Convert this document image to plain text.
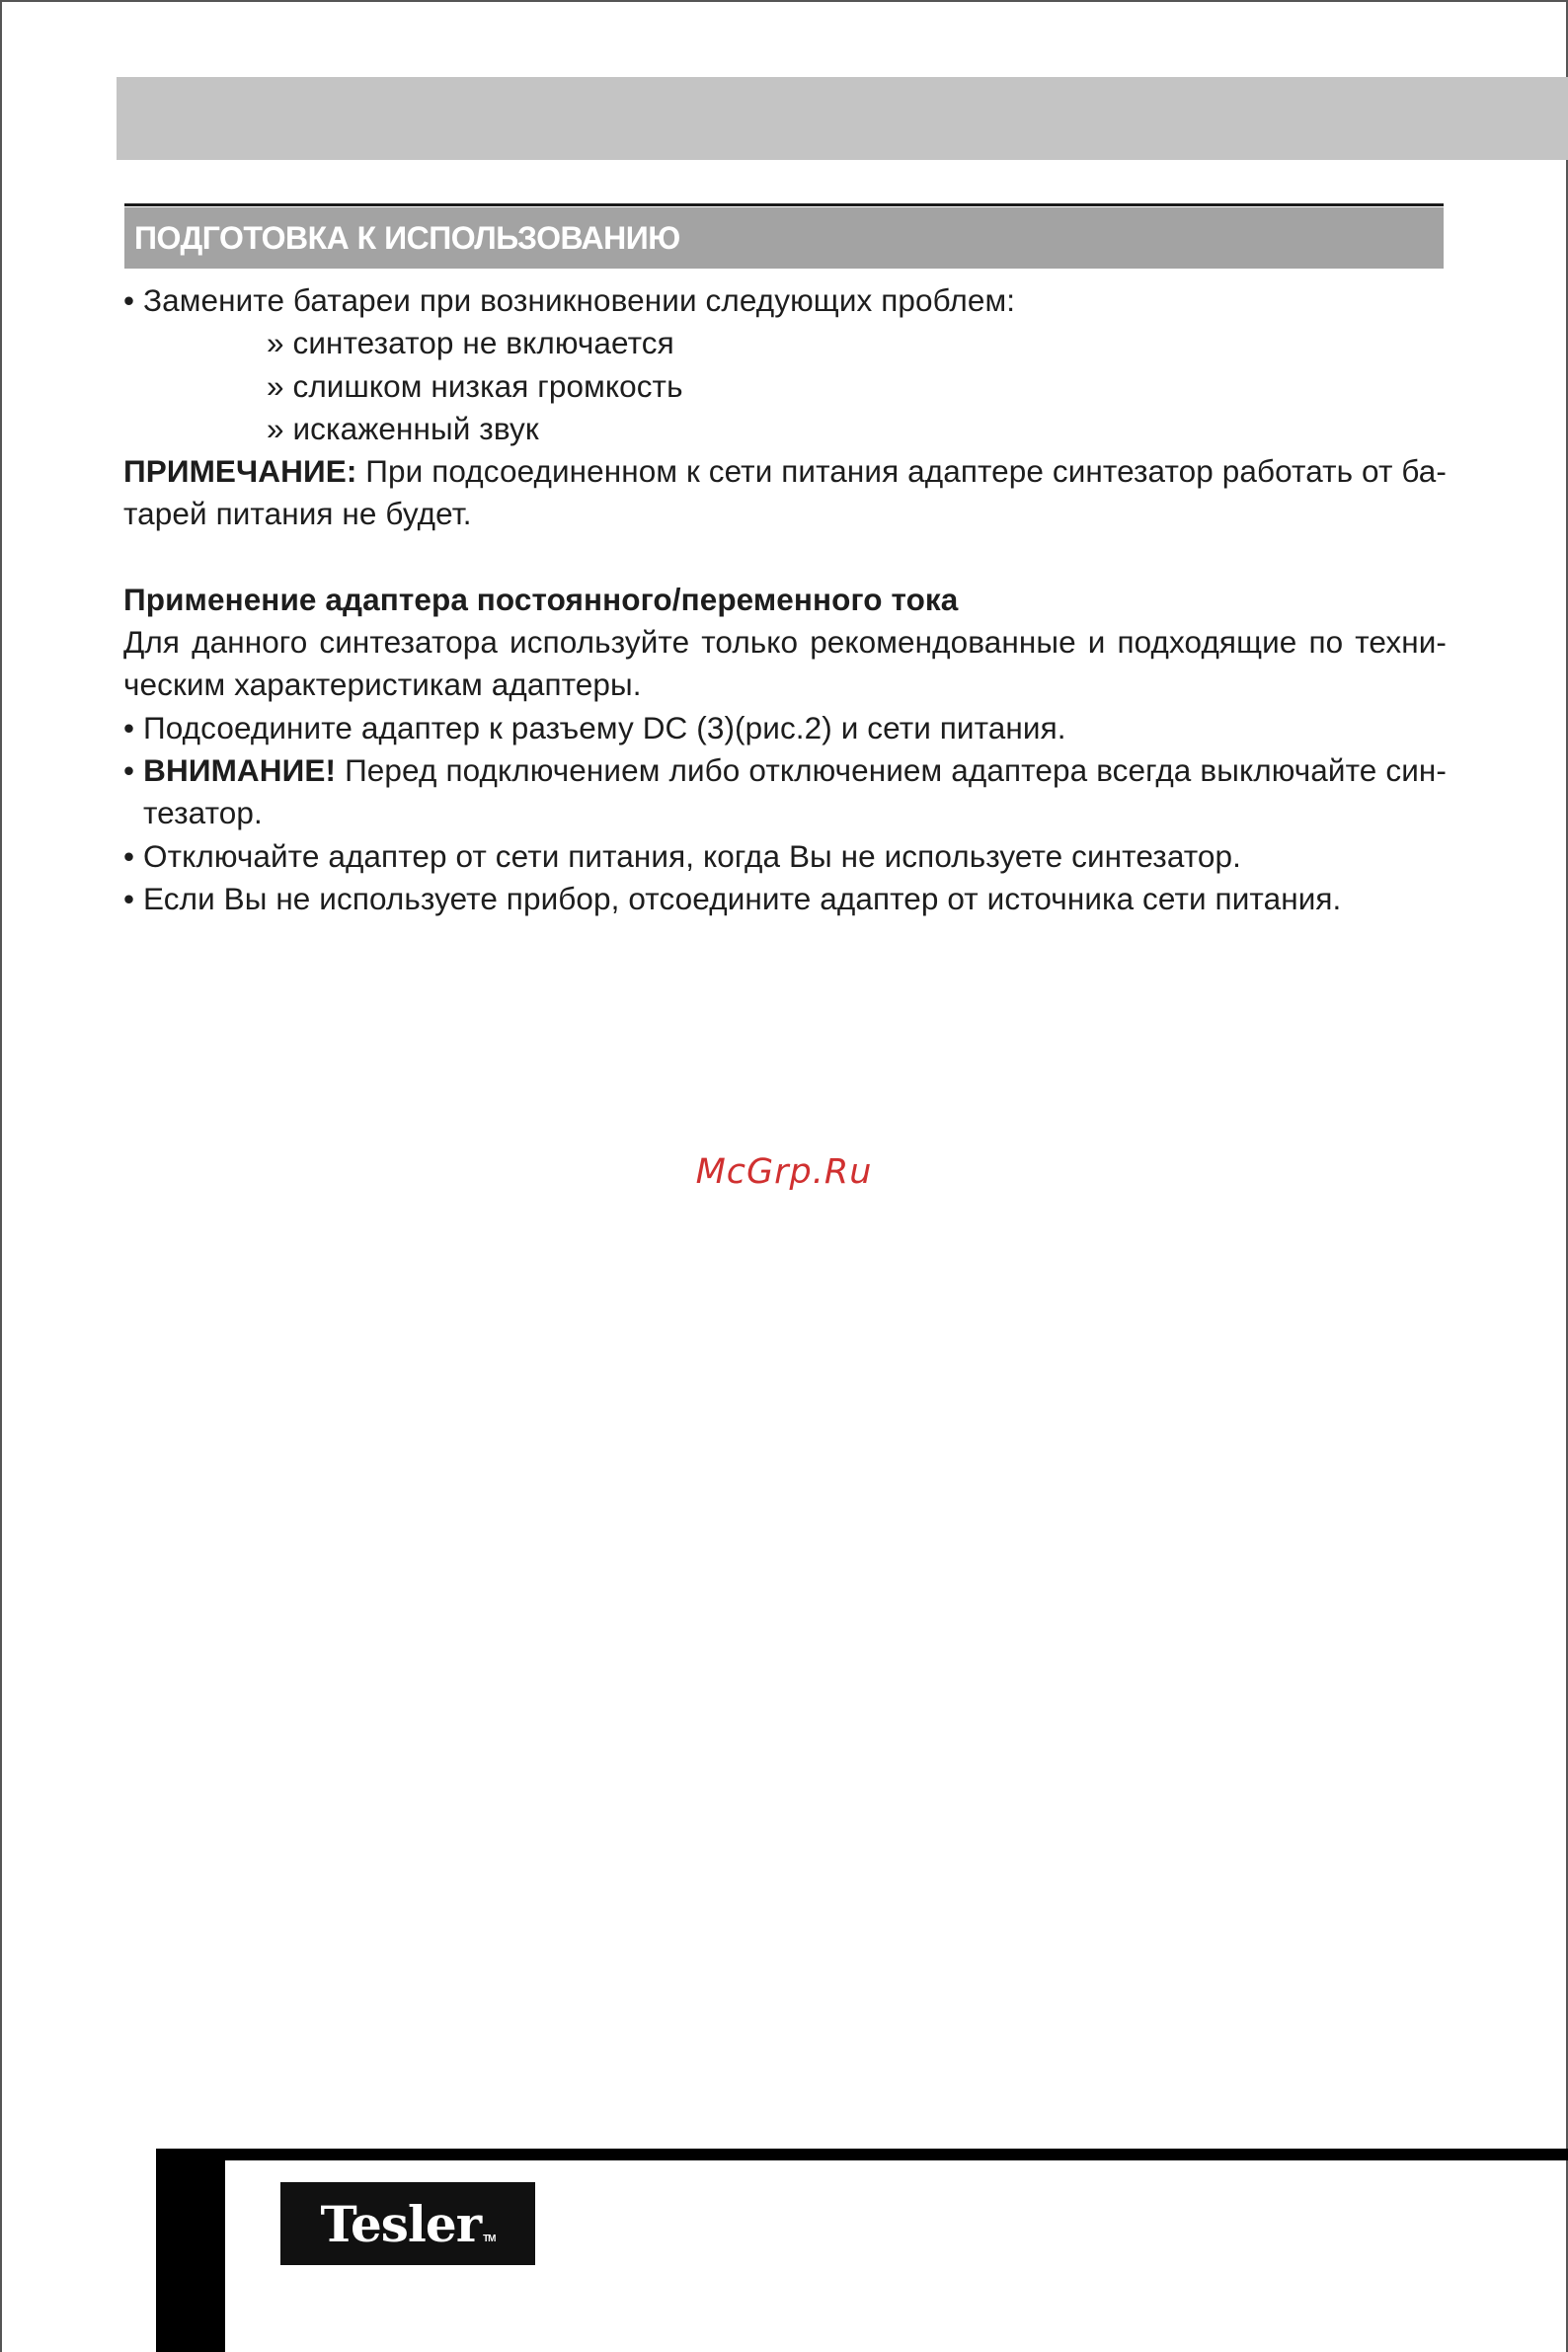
ПОДГОТОВКА К ИСПОЛЬЗОВАНИЮ
• Замените батареи при возникновении следующих проблем:
» синтезатор не включается
» слишком низкая громкость
» искаженный звук
ПРИМЕЧАНИЕ: При подсоединенном к сети питания адаптере синтезатор работать от ба-
тарей питания не будет.
Применение адаптера постоянного/переменного тока
Для данного синтезатора используйте только рекомендованные и подходящие по техни-
ческим характеристикам адаптеры.
• Подсоедините адаптер к разъему DC (3)(рис.2) и сети питания.
• ВНИМАНИЕ! Перед подключением либо отключением адаптера всегда выключайте син-
тезатор.
• Отключайте адаптер от сети питания, когда Вы не используете синтезатор.
• Если Вы не используете прибор, отсоедините адаптер от источника сети питания.
McGrp.Ru
Tesler TM
